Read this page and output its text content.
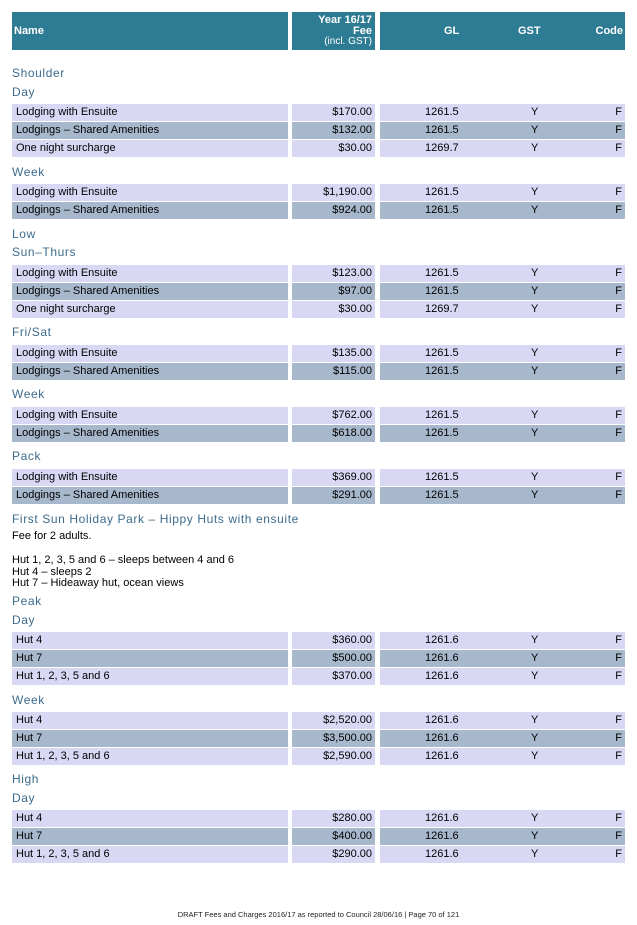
Name
Year 16/17
Fee
(incl. GST)
GL	GST	Code
Shoulder
Day
Week
Low
Sun–Thurs
Fri/Sat
Week
Pack
First Sun Holiday Park – Hippy Huts with ensuite
Peak
Day
Week
High
Day
Fee for 2 adults.
Hut 1, 2, 3, 5 and 6 – sleeps between 4 and 6
Hut 4 – sleeps 2
Hut 7 – Hideaway hut, ocean views
Lodging with Ensuite	$170.00	1261.5	Y	F
Lodgings – Shared Amenities	$132.00	1261.5	Y	F
One night surcharge	$30.00	1269.7	Y	F
Lodging with Ensuite	$1,190.00	1261.5	Y	F
Lodgings – Shared Amenities	$924.00	1261.5	Y	F
Lodging with Ensuite	$123.00	1261.5	Y	F
Lodgings – Shared Amenities	$97.00	1261.5	Y	F
One night surcharge	$30.00	1269.7	Y	F
Lodging with Ensuite	$135.00	1261.5	Y	F
Lodgings – Shared Amenities	$115.00	1261.5	Y	F
Lodging with Ensuite	$762.00	1261.5	Y	F
Lodgings – Shared Amenities	$618.00	1261.5	Y	F
Lodging with Ensuite	$369.00	1261.5	Y	F
Lodgings – Shared Amenities	$291.00	1261.5	Y	F
Hut 4	$360.00	1261.6	Y	F
Hut 7	$500.00	1261.6	Y	F
Hut 1, 2, 3, 5 and 6	$370.00	1261.6	Y	F
Hut 4	$2,520.00	1261.6	Y	F
Hut 7	$3,500.00	1261.6	Y	F
Hut 1, 2, 3, 5 and 6	$2,590.00	1261.6	Y	F
Hut 4	$280.00	1261.6	Y	F
Hut 7	$400.00	1261.6	Y	F
Hut 1, 2, 3, 5 and 6	$290.00	1261.6	Y	F
DRAFT Fees and Charges 2016/17 as reported to Council 28/06/16 | Page 70 of 121
